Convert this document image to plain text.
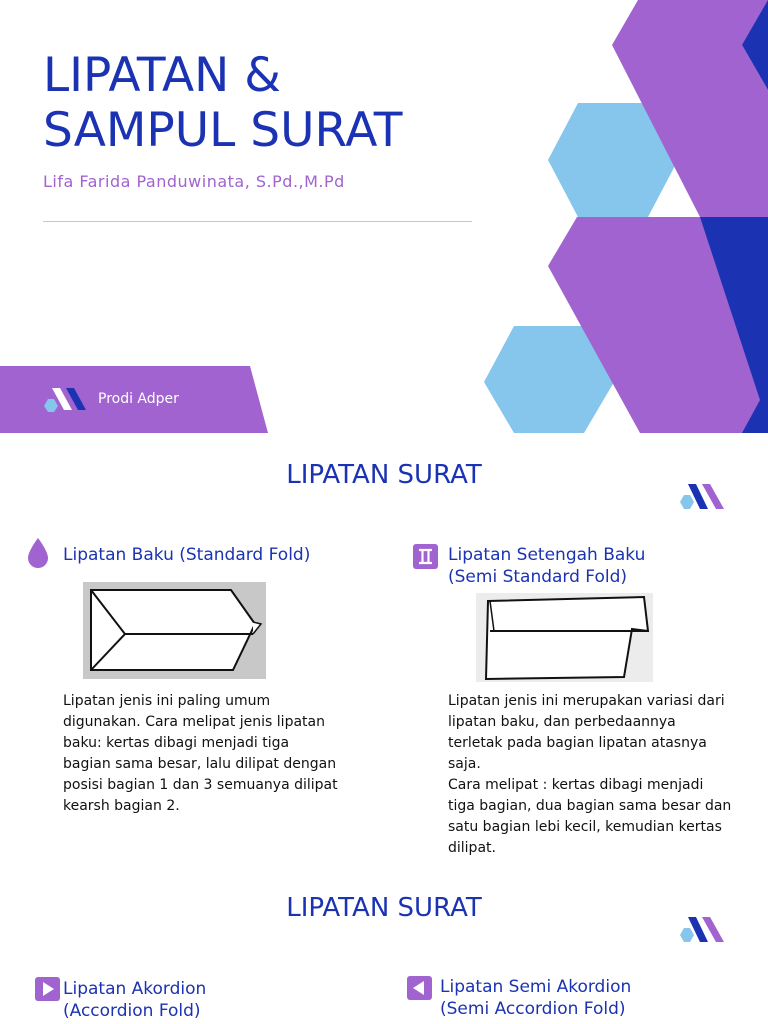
LIPATAN &
SAMPUL SURAT
Lifa Farida Panduwinata, S.Pd.,M.Pd
Prodi Adper
LIPATAN SURAT
Lipatan Baku (Standard Fold)
Lipatan jenis ini paling umum digunakan. Cara melipat jenis lipatan baku: kertas dibagi menjadi tiga bagian sama besar, lalu dilipat dengan posisi bagian 1 dan 3 semuanya dilipat kearsh bagian 2.
Lipatan Setengah Baku
(Semi Standard Fold)
Lipatan jenis ini merupakan variasi dari lipatan baku, dan perbedaannya terletak pada bagian lipatan atasnya saja.
Cara melipat : kertas dibagi menjadi tiga bagian, dua bagian sama besar dan satu bagian lebi kecil, kemudian kertas dilipat.
LIPATAN SURAT
Lipatan Akordion
(Accordion Fold)
Lipatan Semi Akordion
(Semi Accordion Fold)
